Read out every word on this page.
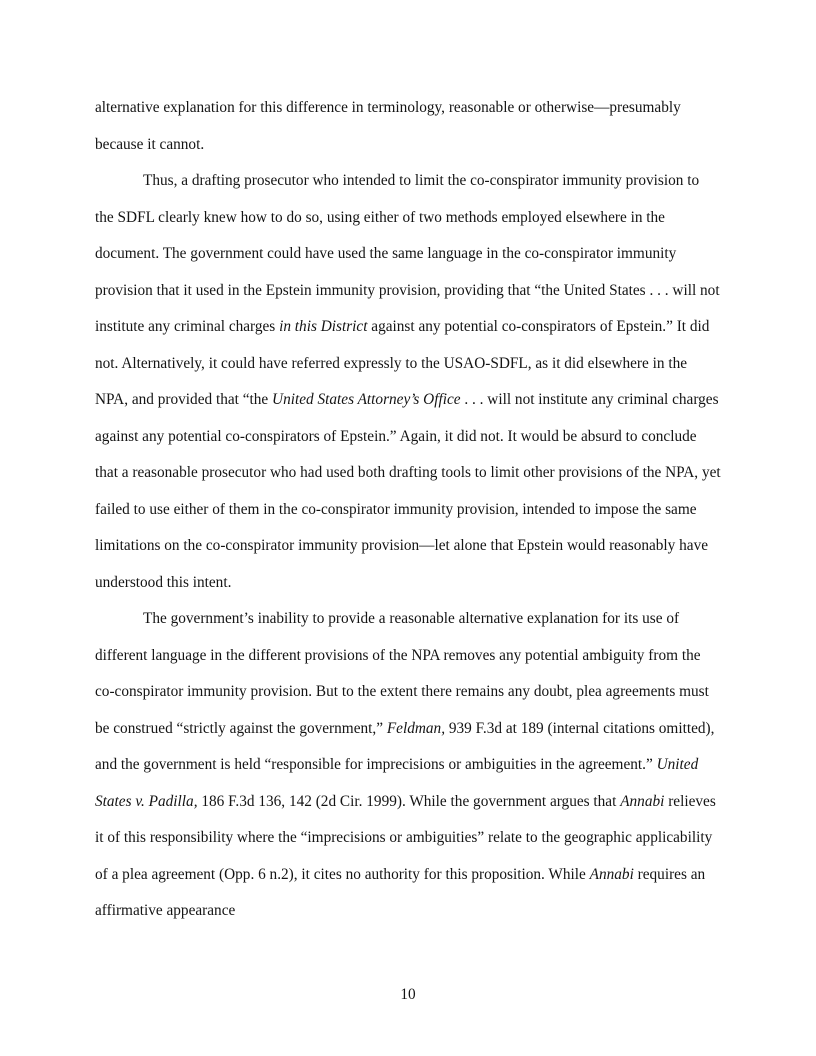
alternative explanation for this difference in terminology, reasonable or otherwise—presumably because it cannot.

Thus, a drafting prosecutor who intended to limit the co-conspirator immunity provision to the SDFL clearly knew how to do so, using either of two methods employed elsewhere in the document. The government could have used the same language in the co-conspirator immunity provision that it used in the Epstein immunity provision, providing that “the United States . . . will not institute any criminal charges in this District against any potential co-conspirators of Epstein.” It did not. Alternatively, it could have referred expressly to the USAO-SDFL, as it did elsewhere in the NPA, and provided that “the United States Attorney’s Office . . . will not institute any criminal charges against any potential co-conspirators of Epstein.” Again, it did not. It would be absurd to conclude that a reasonable prosecutor who had used both drafting tools to limit other provisions of the NPA, yet failed to use either of them in the co-conspirator immunity provision, intended to impose the same limitations on the co-conspirator immunity provision—let alone that Epstein would reasonably have understood this intent.

The government’s inability to provide a reasonable alternative explanation for its use of different language in the different provisions of the NPA removes any potential ambiguity from the co-conspirator immunity provision. But to the extent there remains any doubt, plea agreements must be construed “strictly against the government,” Feldman, 939 F.3d at 189 (internal citations omitted), and the government is held “responsible for imprecisions or ambiguities in the agreement.” United States v. Padilla, 186 F.3d 136, 142 (2d Cir. 1999). While the government argues that Annabi relieves it of this responsibility where the “imprecisions or ambiguities” relate to the geographic applicability of a plea agreement (Opp. 6 n.2), it cites no authority for this proposition. While Annabi requires an affirmative appearance

10
